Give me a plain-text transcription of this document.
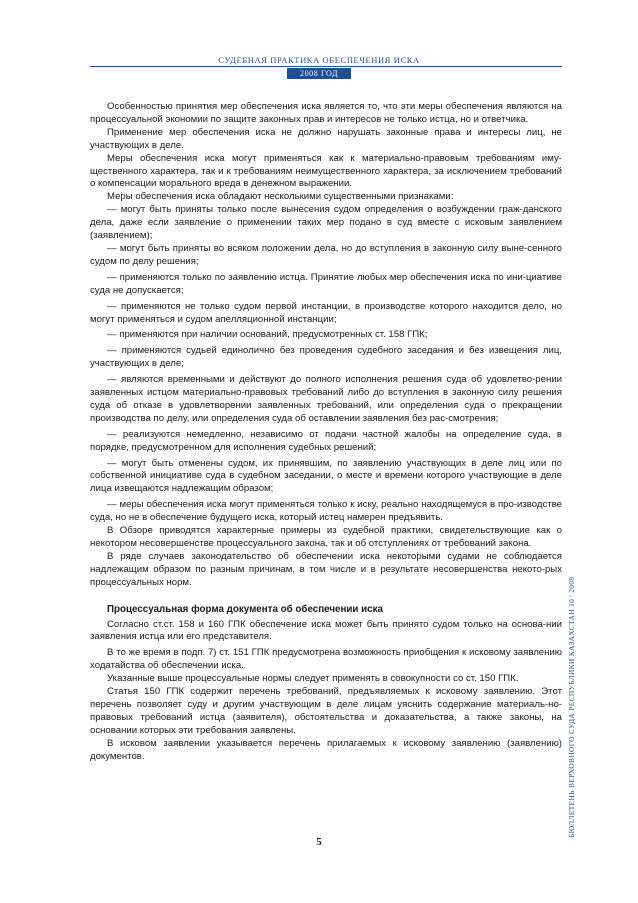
СУДЕБНАЯ ПРАКТИКА ОБЕСПЕЧЕНИЯ ИСКА
2008 ГОД

Особенностью принятия мер обеспечения иска является то, что эти меры обеспечения являются на процессуальной экономии по защите законных прав и интересов не только истца, но и ответчика.

Применение мер обеспечения иска не должно нарушать законные права и интересы лиц, не участвующих в деле.

Меры обеспечения иска могут применяться как к материально-правовым требованиям иму-щественного характера, так и к требованиям неимущественного характера, за исключением требований о компенсации морального вреда в денежном выражении.

Меры обеспечения иска обладают несколькими существенными признаками:

— могут быть приняты только после вынесения судом определения о возбуждении граж-данского дела, даже если заявление о применении таких мер подано в суд вместе с исковым заявлением (заявлением);

— могут быть приняты во всяком положении дела, но до вступления в законную силу выне-сенного судом по делу решения;

— применяются только по заявлению истца. Принятие любых мер обеспечения иска по ини-циативе суда не допускается;

— применяются не только судом первой инстанции, в производстве которого находится дело, но могут применяться и судом апелляционной инстанции;

— применяются при наличии оснований, предусмотренных ст. 158 ГПК;

— применяются судьей единолично без проведения судебного заседания и без извещения лиц, участвующих в деле;

— являются временными и действуют до полного исполнения решения суда об удовлетво-рении заявленных истцом материально-правовых требований либо до вступления в законную силу решения суда об отказе в удовлетворении заявленных требований, или определения суда о прекращении производства по делу, или определения суда об оставлении заявления без рас-смотрения;

— реализуются немедленно, независимо от подачи частной жалобы на определение суда, в порядке, предусмотренном для исполнения судебных решений;

— могут быть отменены судом, их принявшим, по заявлению участвующих в деле лиц или по собственной инициативе суда в судебном заседании, о месте и времени которого участвующие в деле лица извещаются надлежащим образом;

— меры обеспечения иска могут применяться только к иску, реально находящемуся в про-изводстве суда, но не в обеспечение будущего иска, который истец намерен предъявить.

В Обзоре приводятся характерные примеры из судебной практики, свидетельствующие как о некотором несовершенстве процессуального закона, так и об отступлениях от требований закона.

В ряде случаев законодательство об обеспечении иска некоторыми судами не соблюдается надлежащим образом по разным причинам, в том числе и в результате несовершенства некото-рых процессуальных норм.

Процессуальная форма документа об обеспечении иска

Согласно ст.ст. 158 и 160 ГПК обеспечение иска может быть принято судом только на основа-нии заявления истца или его представителя.

В то же время в подп. 7) ст. 151 ГПК предусмотрена возможность приобщения к исковому заявлению ходатайства об обеспечении иска.

Указанные выше процессуальные нормы следует применять в совокупности со ст. 150 ГПК.

Статья 150 ГПК содержит перечень требований, предъявляемых к исковому заявлению. Этот перечень позволяет суду и другим участвующим в деле лицам уяснить содержание материаль-но-правовых требований истца (заявителя), обстоятельства и доказательства, а также законы, на основании которых эти требования заявлены.

В исковом заявлении указывается перечень прилагаемых к исковому заявлению (заявлению) документов.

5
БЮЛЛЕТЕНЬ ВЕРХОВНОГО СУДА РЕСПУБЛИКИ КАЗАХСТАН 10 ' 2008
